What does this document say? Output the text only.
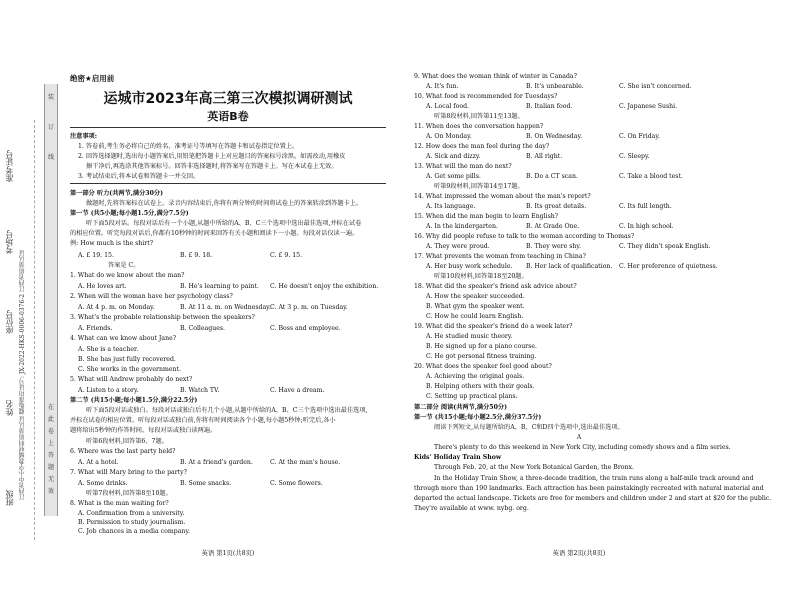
准考证号
考场号
座位号
姓名
班级 江西省中小学教辅材料质量认证 赣版准印证号: JX-2022-HKS-0006-0376-2 江西省质量认证
装
订
线
在
此
卷
上
答
题
无
效
绝密★启用前
运城市2023年高三第三次模拟调研测试
英语B卷
注意事项:
1. 答卷前,考生务必将自己的姓名、准考证号等填写在答题卡和试卷指定位置上。
2. 回答选择题时,选出每小题答案后,用铅笔把答题卡上对应题目的答案标号涂黑。如需改动,用橡皮
擦干净后,再选涂其他答案标号。回答非选择题时,将答案写在答题卡上。写在本试卷上无效。
3. 考试结束后,将本试卷和答题卡一并交回。
第一部分 听力(共两节,满分30分)
做题时,先将答案标在试卷上。录音内容结束后,你将有两分钟的时间将试卷上的答案转涂到答题卡上。
第一节 (共5小题;每小题1.5分,满分7.5分)
听下面5段对话。每段对话后有一个小题,从题中所给的A、B、C三个选项中选出最佳选项,并标在试卷
的相应位置。听完每段对话后,你都有10秒钟的时间来回答有关小题和阅读下一小题。每段对话仅读一遍。
例: How much is the shirt?
A. £ 19. 15.	B. £ 9. 18.	C. £ 9. 15.
答案是 C。
1. What do we know about the man?
A. He loves art.	B. He's learning to paint. C. He doesn't enjoy the exhibition.
2. When will the woman have her psychology class?
A. At 4 p. m. on Monday.	B. At 11 a. m. on Wednesday. C. At 3 p. m. on Tuesday.
3. What's the probable relationship between the speakers?
A. Friends.	B. Colleagues.	C. Boss and employee.
4. What can we know about Jane?
A. She is a teacher.
B. She has just fully recovered.
C. She works in the government.
5. What will Andrew probably do next?
A. Listen to a story.	B. Watch TV.	C. Have a dream.
第二节 (共15小题;每小题1.5分,满分22.5分)
听下面5段对话或独白。每段对话或独白后有几个小题,从题中所给的A、B、C三个选项中选出最佳选项,
并标在试卷的相应位置。听每段对话或独白前,你将有时间阅读各个小题,每小题5秒钟;听完后,各小
题将给出5秒钟的作答时间。每段对话或独白读两遍。
听第6段材料,回答第6、7题。
6. Where was the last party held?
A. At a hotel.	B. At a friend's garden.	C. At the man's house.
7. What will Mary bring to the party?
A. Some drinks.	B. Some snacks.	C. Some flowers.
听第7段材料,回答第8至10题。
8. What is the man waiting for?
A. Confirmation from a university.
B. Permission to study journalism.
C. Job chances in a media company.
英语 第1页(共8页)
9. What does the woman think of winter in Canada?
A. It's fun.	B. It's unbearable.	C. She isn't concerned.
10. What food is recommended for Tuesdays?
A. Local food.	B. Italian food.	C. Japanese Sushi.
听第8段材料,回答第11至13题。
11. When does the conversation happen?
A. On Monday.	B. On Wednesday.	C. On Friday.
12. How does the man feel during the day?
A. Sick and dizzy.	B. All right.	C. Sleepy.
13. What will the man do next?
A. Get some pills.	B. Do a CT scan.	C. Take a blood test.
听第9段材料,回答第14至17题。
14. What impressed the woman about the man's report?
A. Its language.	B. Its great details.	C. Its full length.
15. When did the man begin to learn English?
A. In the kindergarten.	B. At Grade One.	C. In high school.
16. Why did people refuse to talk to the woman according to Thomas?
A. They were proud.	B. They were shy.	C. They didn't speak English.
17. What prevents the woman from teaching in China?
A. Her busy work schedule. B. Her lack of qualification. C. Her preference of quietness.
听第10段材料,回答第18至20题。
18. What did the speaker's friend ask advice about?
A. How the speaker succeeded.
B. What gym the speaker went.
C. How he could learn English.
19. What did the speaker's friend do a week later?
A. He studied music theory.
B. He signed up for a piano course.
C. He got personal fitness training.
20. What does the speaker feel good about?
A. Achieving the original goals.
B. Helping others with their goals.
C. Setting up practical plans.
第二部分 阅读(共两节,满分50分)
第一节 (共15小题;每小题2.5分,满分37.5分)
阅读下列短文,从每题所给的A、B、C和D四个选项中,选出最佳选项。
A
There's plenty to do this weekend in New York City, including comedy shows and a film series.
Kids' Holiday Train Show
Through Feb. 20, at the New York Botanical Garden, the Bronx.
In the Holiday Train Show, a three-decade tradition, the train runs along a half-mile track around and
through more than 190 landmarks. Each attraction has been painstakingly recreated with natural material and
departed the actual landscape. Tickets are free for members and children under 2 and start at $20 for the public.
They're available at www. nybg. org.
英语 第2页(共8页)
